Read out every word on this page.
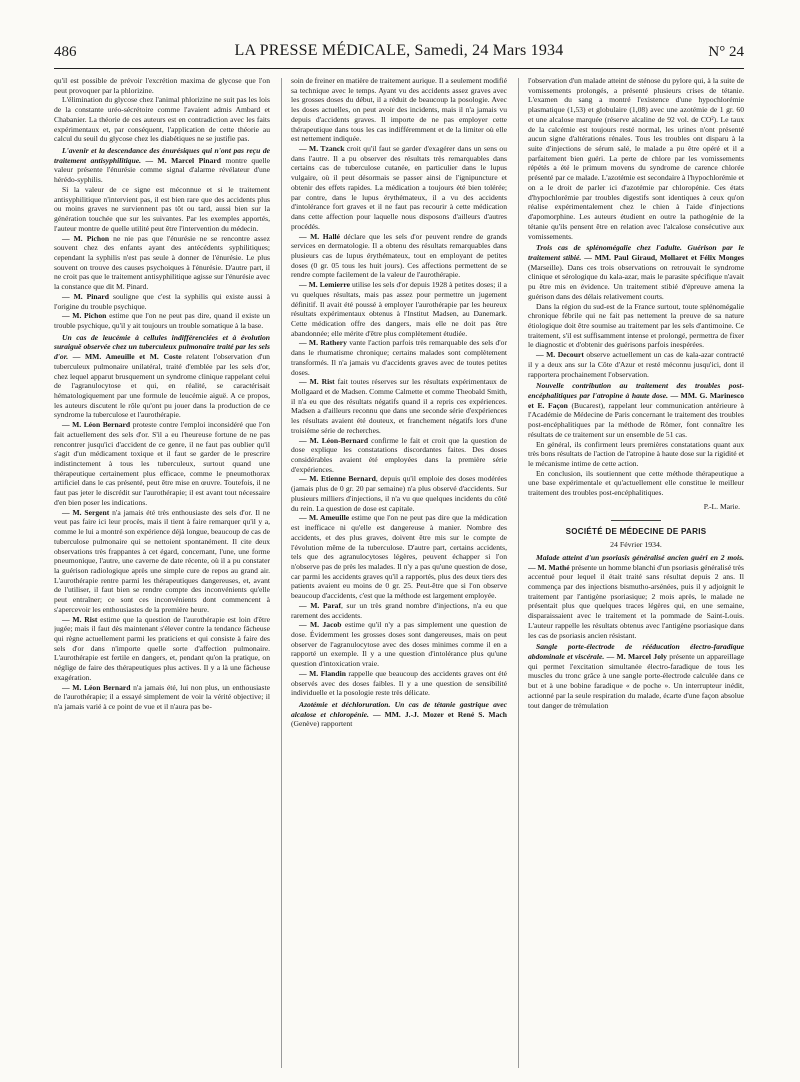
486	LA PRESSE MÉDICALE, Samedi, 24 Mars 1934	N° 24

qu'il est possible de prévoir l'excrétion maxima de glycose que l'on peut provoquer par la phlorizine.

L'élimination du glycose chez l'animal phlorizine ne suit pas les lois de la constante uréo-sécrétoire comme l'avaient admis Ambard et Chabanier. La théorie de ces auteurs est en contradiction avec les faits expérimentaux et, par conséquent, l'application de cette théorie au calcul du seuil du glycose chez les diabétiques ne se justifie pas.

L'avenir et la descendance des énurésiques qui n'ont pas reçu de traitement antisyphilitique. — M. Marcel Pinard montre quelle valeur présente l'énurésie comme signal d'alarme révélateur d'une hérédo-syphilis.

Si la valeur de ce signe est méconnue et si le traitement antisyphilitique n'intervient pas, il est bien rare que des accidents plus ou moins graves ne surviennent pas tôt ou tard, aussi bien sur la génération touchée que sur les suivantes. Par les exemples apportés, l'auteur montre de quelle utilité peut être l'intervention du médecin.

— M. Pichon ne nie pas que l'énurésie ne se rencontre assez souvent chez des enfants ayant des antécédents syphilitiques; cependant la syphilis n'est pas seule à donner de l'énurésie. Le plus souvent on trouve des causes psychoiques à l'énurésie. D'autre part, il ne croit pas que le traitement antisyphilitique agisse sur l'énurésie avec la constance que dit M. Pinard.

— M. Pinard souligne que c'est la syphilis qui existe aussi à l'origine du trouble psychique.

— M. Pichon estime que l'on ne peut pas dire, quand il existe un trouble psychique, qu'il y ait toujours un trouble somatique à la base.

Un cas de leucémie à cellules indifférenciées et à évolution suraiguë observée chez un tuberculeux pulmonaire traité par les sels d'or. — MM. Ameuille et M. Coste relatent l'observation d'un tuberculeux pulmonaire unilatéral, traité d'emblée par les sels d'or, chez lequel apparut brusquement un syndrome clinique rappelant celui de l'agranulocytose et qui, en réalité, se caractérisait hématologiquement par une formule de leucémie aiguë. A ce propos, les auteurs discutent le rôle qu'ont pu jouer dans la production de ce syndrome la tuberculose et l'aurothérapie.

— M. Léon Bernard proteste contre l'emploi inconsidéré que l'on fait actuellement des sels d'or. S'il a eu l'heureuse fortune de ne pas rencontrer jusqu'ici d'accident de ce genre, il ne faut pas oublier qu'il s'agit d'un médicament toxique et il faut se garder de le prescrire indistinctement à tous les tuberculeux, surtout quand une thérapeutique certainement plus efficace, comme le pneumothorax artificiel dans le cas présenté, peut être mise en œuvre. Toutefois, il ne faut pas jeter le discrédit sur l'aurothérapie; il est avant tout nécessaire d'en bien poser les indications.

— M. Sergent n'a jamais été très enthousiaste des sels d'or. Il ne veut pas faire ici leur procès, mais il tient à faire remarquer qu'il y a, comme le lui a montré son expérience déjà longue, beaucoup de cas de tuberculose pulmonaire qui se nettoient spontanément. Il cite deux observations très frappantes à cet égard, concernant, l'une, une forme pneumonique, l'autre, une caverne de date récente, où il a pu constater la guérison radiologique après une simple cure de repos au grand air. L'aurothérapie rentre parmi les thérapeutiques dangereuses, et, avant de l'utiliser, il faut bien se rendre compte des inconvénients qu'elle peut entraîner; ce sont ces inconvénients dont commencent à s'apercevoir les enthousiastes de la première heure.

— M. Rist estime que la question de l'aurothérapie est loin d'être jugée; mais il faut dès maintenant s'élever contre la tendance fâcheuse qui règne actuellement parmi les praticiens et qui consiste à faire des sels d'or dans n'importe quelle sorte d'affection pulmonaire. L'aurothérapie est fertile en dangers, et, pendant qu'on la pratique, on néglige de faire des thérapeutiques plus actives. Il y a là une fâcheuse exagération.

— M. Léon Bernard n'a jamais été, lui non plus, un enthousiaste de l'aurothérapie; il a essayé simplement de voir la vérité objective; il n'a jamais varié à ce point de vue et il n'aura pas be-

soin de freiner en matière de traitement aurique. Il a seulement modifié sa technique avec le temps. Ayant vu des accidents assez graves avec les grosses doses du début, il a réduit de beaucoup la posologie. Avec les doses actuelles, on peut avoir des incidents, mais il n'a jamais vu depuis d'accidents graves. Il importe de ne pas employer cette thérapeutique dans tous les cas indifféremment et de la limiter où elle est nettement indiquée.

— M. Tzanck croit qu'il faut se garder d'exagérer dans un sens ou dans l'autre. Il a pu observer des résultats très remarquables dans certains cas de tuberculose cutanée, en particulier dans le lupus vulgaire, où il peut désormais se passer ainsi de l'ignipuncture et obtenir des effets rapides. La médication a toujours été bien tolérée; par contre, dans le lupus érythémateux, il a vu des accidents d'intolérance fort graves et il ne faut pas recourir à cette médication dans cette affection pour laquelle nous disposons d'ailleurs d'autres procédés.

— M. Hallé déclare que les sels d'or peuvent rendre de grands services en dermatologie. Il a obtenu des résultats remarquables dans plusieurs cas de lupus érythémateux, tout en employant de petites doses (0 gr. 05 tous les huit jours). Ces affections permettent de se rendre compte facilement de la valeur de l'aurothérapie.

— M. Lemierre utilise les sels d'or depuis 1928 à petites doses; il a vu quelques résultats, mais pas assez pour permettre un jugement définitif. Il avait été poussé à employer l'aurothérapie par les heureux résultats expérimentaux obtenus à l'Institut Madsen, au Danemark. Cette médication offre des dangers, mais elle ne doit pas être abandonnée; elle mérite d'être plus complètement étudiée.

— M. Rathery vante l'action parfois très remarquable des sels d'or dans le rhumatisme chronique; certains malades sont complètement transformés. Il n'a jamais vu d'accidents graves avec de toutes petites doses.

— M. Rist fait toutes réserves sur les résultats expérimentaux de Mollgaard et de Madsen. Comme Calmette et comme Theobald Smith, il n'a eu que des résultats négatifs quand il a repris ces expériences. Madsen a d'ailleurs reconnu que dans une seconde série d'expériences les résultats avaient été douteux, et franchement négatifs lors d'une troisième série de recherches.

— M. Léon-Bernard confirme le fait et croit que la question de dose explique les constatations discordantes faites. Des doses considérables avaient été employées dans la première série d'expériences.

— M. Etienne Bernard, depuis qu'il emploie des doses modérées (jamais plus de 0 gr. 20 par semaine) n'a plus observé d'accidents. Sur plusieurs milliers d'injections, il n'a vu que quelques incidents du côté du rein. La question de dose est capitale.

— M. Ameuille estime que l'on ne peut pas dire que la médication est inefficace ni qu'elle est dangereuse à manier. Nombre des accidents, et des plus graves, doivent être mis sur le compte de l'évolution même de la tuberculose. D'autre part, certains accidents, tels que des agranulocytoses légères, peuvent échapper si l'on n'observe pas de près les malades. Il n'y a pas qu'une question de dose, car parmi les accidents graves qu'il a rapportés, plus des deux tiers des patients avaient eu moins de 0 gr. 25. Peut-être que si l'on observe beaucoup d'accidents, c'est que la méthode est largement employée.

— M. Paraf, sur un très grand nombre d'injections, n'a eu que rarement des accidents.

— M. Jacob estime qu'il n'y a pas simplement une question de dose. Évidemment les grosses doses sont dangereuses, mais on peut observer de l'agranulocytose avec des doses minimes comme il en a rapporté un exemple. Il y a une question d'intolérance plus qu'une question d'intoxication vraie.

— M. Flandin rappelle que beaucoup des accidents graves ont été observés avec des doses faibles. Il y a une question de sensibilité individuelle et la posologie reste très délicate.

Azotémie et déchloruration. Un cas de tétanie gastrique avec alcalose et chloropénie. — MM. J.-J. Mozer et René S. Mach (Genève) rapportent

l'observation d'un malade atteint de sténose du pylore qui, à la suite de vomissements prolongés, a présenté plusieurs crises de tétanie. L'examen du sang a montré l'existence d'une hypochlorémie plasmatique (1,53) et globulaire (1,08) avec une azotémie de 1 gr. 60 et une alcalose marquée (réserve alcaline de 92 vol. de CO²). Le taux de la calcémie est toujours resté normal, les urines n'ont présenté aucun signe d'altérations rénales. Tous les troubles ont disparu à la suite d'injections de sérum salé, le malade a pu être opéré et il a parfaitement bien guéri. La perte de chlore par les vomissements répétés a été le primum movens du syndrome de carence chlorée présenté par ce malade. L'azotémie est secondaire à l'hypochlorémie et on a le droit de parler ici d'azotémie par chloropénie. Ces états d'hypochlorémie par troubles digestifs sont identiques à ceux qu'on réalise expérimentalement chez le chien à l'aide d'injections d'apomorphine. Les auteurs étudient en outre la pathogénie de la tétanie qu'ils pensent être en relation avec l'alcalose consécutive aux vomissements.

Trois cas de splénomégalie chez l'adulte. Guérison par le traitement stibié. — MM. Paul Giraud, Mollaret et Félix Monges (Marseille). Dans ces trois observations on retrouvait le syndrome clinique et sérologique du kala-azar, mais le parasite spécifique n'avait pu être mis en évidence. Un traitement stibié d'épreuve amena la guérison dans des délais relativement courts.

Dans la région du sud-est de la France surtout, toute splénomégalie chronique fébrile qui ne fait pas nettement la preuve de sa nature étiologique doit être soumise au traitement par les sels d'antimoine. Ce traitement, s'il est suffisamment intense et prolongé, permettra de fixer le diagnostic et d'obtenir des guérisons parfois inespérées.

— M. Decourt observe actuellement un cas de kala-azar contracté il y a deux ans sur la Côte d'Azur et resté méconnu jusqu'ici, dont il rapportera prochainement l'observation.

Nouvelle contribution au traitement des troubles post-encéphalitiques par l'atropine à haute dose. — MM. G. Marinesco et E. Façon (Bucarest), rappelant leur communication antérieure à l'Académie de Médecine de Paris concernant le traitement des troubles post-encéphalitiques par la méthode de Römer, font connaître les résultats de ce traitement sur un ensemble de 51 cas.

En général, ils confirment leurs premières constatations quant aux très bons résultats de l'action de l'atropine à haute dose sur la rigidité et le mécanisme intime de cette action.

En conclusion, ils soutiennent que cette méthode thérapeutique a une base expérimentale et qu'actuellement elle constitue le meilleur traitement des troubles post-encéphalitiques.

P.-L. Marie.

SOCIÉTÉ DE MÉDECINE DE PARIS
24 Février 1934.

Malade atteint d'un psoriasis généralisé ancien guéri en 2 mois. — M. Mathé présente un homme blanchi d'un psoriasis généralisé très accentué pour lequel il était traité sans résultat depuis 2 ans. Il commença par des injections bismutho-arsénées, puis il y adjoignit le traitement par l'antigène psoriasique; 2 mois après, le malade ne présentait plus que quelques traces légères qui, en une semaine, disparaissaient avec le traitement et la pommade de Saint-Louis. L'auteur rappelle les résultats obtenus avec l'antigène psoriasique dans les cas de psoriasis ancien résistant.

Sangle porte-électrode de rééducation électro-faradique abdominale et viscérale. — M. Marcel Joly présente un appareillage qui permet l'excitation simultanée électro-faradique de tous les muscles du tronc grâce à une sangle porte-électrode calculée dans ce but et à une bobine faradique « de poche ». Un interrupteur inédit, actionné par la seule respiration du malade, écarte d'une façon absolue tout danger de trémulation
